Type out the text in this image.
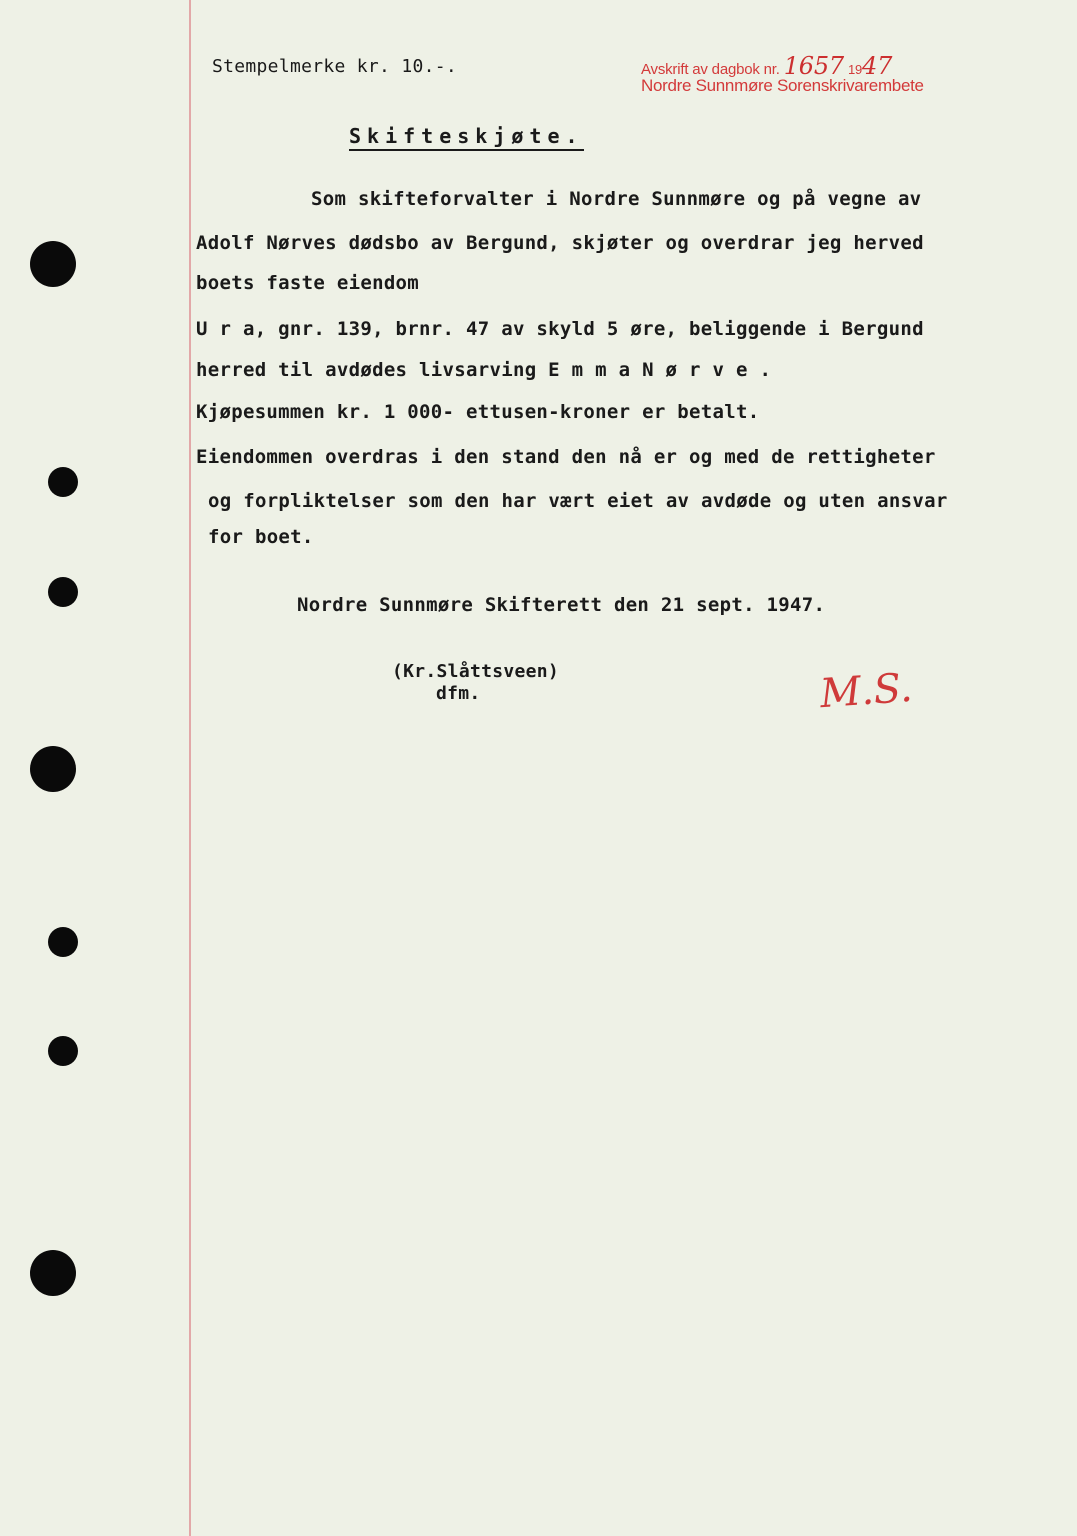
Stempelmerke kr. 10.-.	Avskrift av dagbok nr. 1657 1947
Nordre Sunnmøre Sorenskrivarembete
Skifteskjøte.
Som skifteforvalter i Nordre Sunnmøre og på vegne av
Adolf Nørves dødsbo av Bergund, skjøter og overdrar jeg herved
boets faste eiendom
U r a, gnr. 139, brnr. 47 av skyld 5 øre, beliggende i Bergund
herred til avdødes livsarving E m m a N ø r v e .
Kjøpesummen kr. 1 000- ettusen-kroner er betalt.
Eiendommen overdras i den stand den nå er og med de rettigheter
og forpliktelser som den har vært eiet av avdøde og uten ansvar
for boet.
Nordre Sunnmøre Skifterett den 21 sept. 1947.
(Kr.Slåttsveen)
dfm.	M.S.
